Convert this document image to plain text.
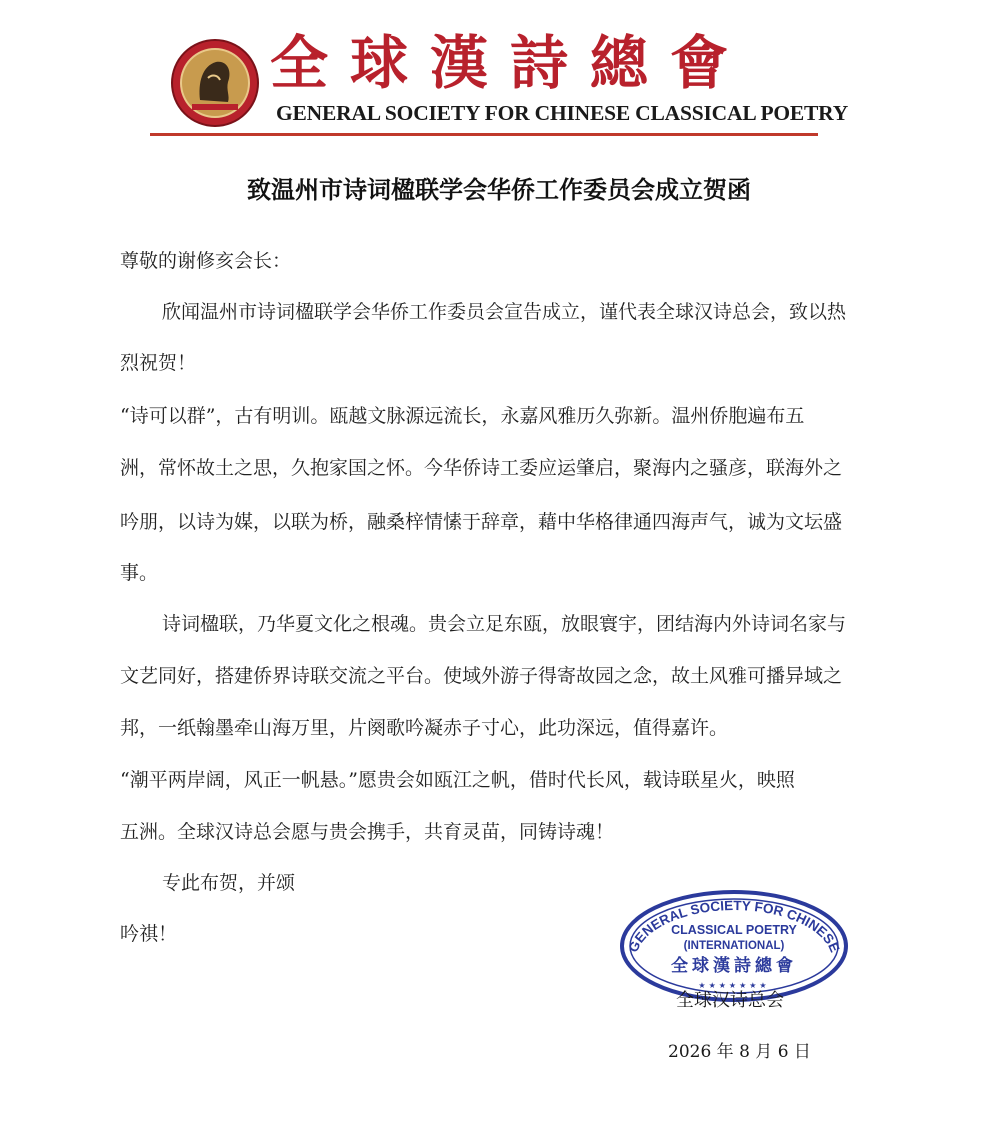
全球漢詩總會
GENERAL SOCIETY FOR CHINESE CLASSICAL POETRY
致温州市诗词楹联学会华侨工作委员会成立贺函
尊敬的谢修亥会长：
欣闻温州市诗词楹联学会华侨工作委员会宣告成立，谨代表全球汉诗总会，致以热
烈祝贺！
“诗可以群”，古有明训。瓯越文脉源远流长，永嘉风雅历久弥新。温州侨胞遍布五
洲，常怀故土之思，久抱家国之怀。今华侨诗工委应运肇启，聚海内之骚彦，联海外之
吟朋，以诗为媒，以联为桥，融桑梓情愫于辞章，藉中华格律通四海声气，诚为文坛盛
事。
诗词楹联，乃华夏文化之根魂。贵会立足东瓯，放眼寰宇，团结海内外诗词名家与
文艺同好，搭建侨界诗联交流之平台。使域外游子得寄故园之念，故土风雅可播异域之
邦，一纸翰墨牵山海万里，片阕歌吟凝赤子寸心，此功深远，值得嘉许。
“潮平两岸阔，风正一帆悬。”愿贵会如瓯江之帆，借时代长风，载诗联星火，映照
五洲。全球汉诗总会愿与贵会携手，共育灵苗，同铸诗魂！
专此布贺，并颂
吟祺！
GENERAL SOCIETY FOR CHINESE
CLASSICAL POETRY
(INTERNATIONAL)
全球漢詩總會
★★★★★★★
全球汉诗总会
2026 年 8 月 6 日
